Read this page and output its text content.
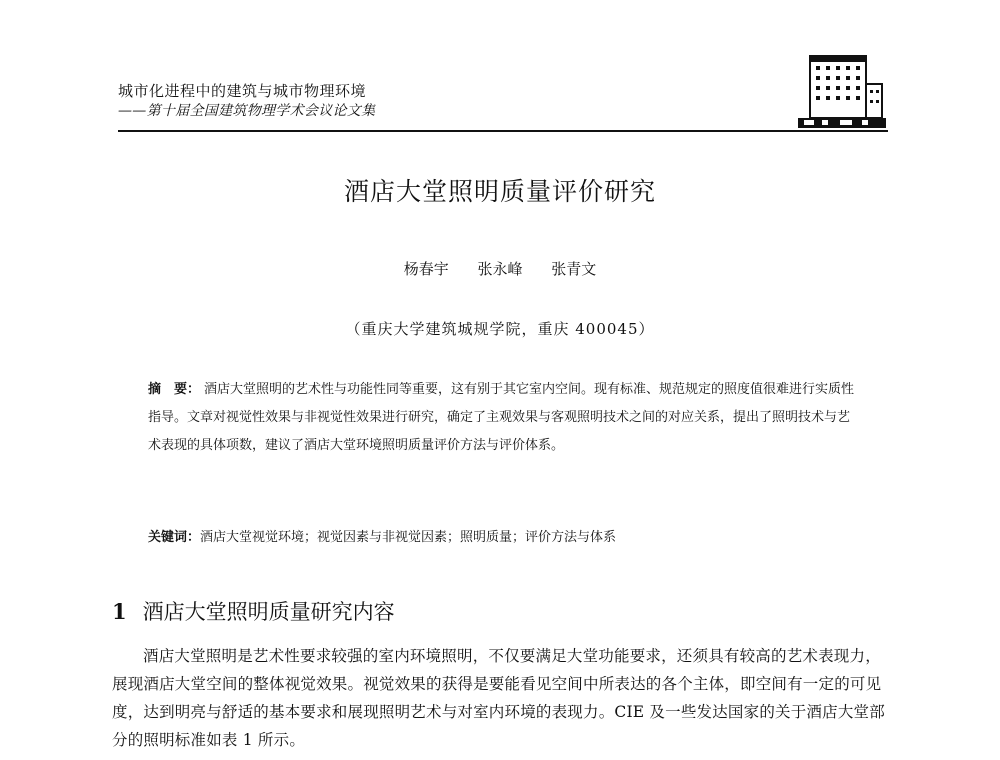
城市化进程中的建筑与城市物理环境
——第十届全国建筑物理学术会议论文集
酒店大堂照明质量评价研究
杨春宇 张永峰 张青文
（重庆大学建筑城规学院，重庆 400045）
摘　要： 酒店大堂照明的艺术性与功能性同等重要，这有别于其它室内空间。现有标准、规范规定的照度值很难进行实质性指导。文章对视觉性效果与非视觉性效果进行研究，确定了主观效果与客观照明技术之间的对应关系，提出了照明技术与艺术表现的具体项数，建议了酒店大堂环境照明质量评价方法与评价体系。
关键词：酒店大堂视觉环境；视觉因素与非视觉因素；照明质量；评价方法与体系
1 酒店大堂照明质量研究内容
酒店大堂照明是艺术性要求较强的室内环境照明，不仅要满足大堂功能要求，还须具有较高的艺术表现力，展现酒店大堂空间的整体视觉效果。视觉效果的获得是要能看见空间中所表达的各个主体，即空间有一定的可见度，达到明亮与舒适的基本要求和展现照明艺术与对室内环境的表现力。CIE 及一些发达国家的关于酒店大堂部分的照明标准如表 1 所示。
